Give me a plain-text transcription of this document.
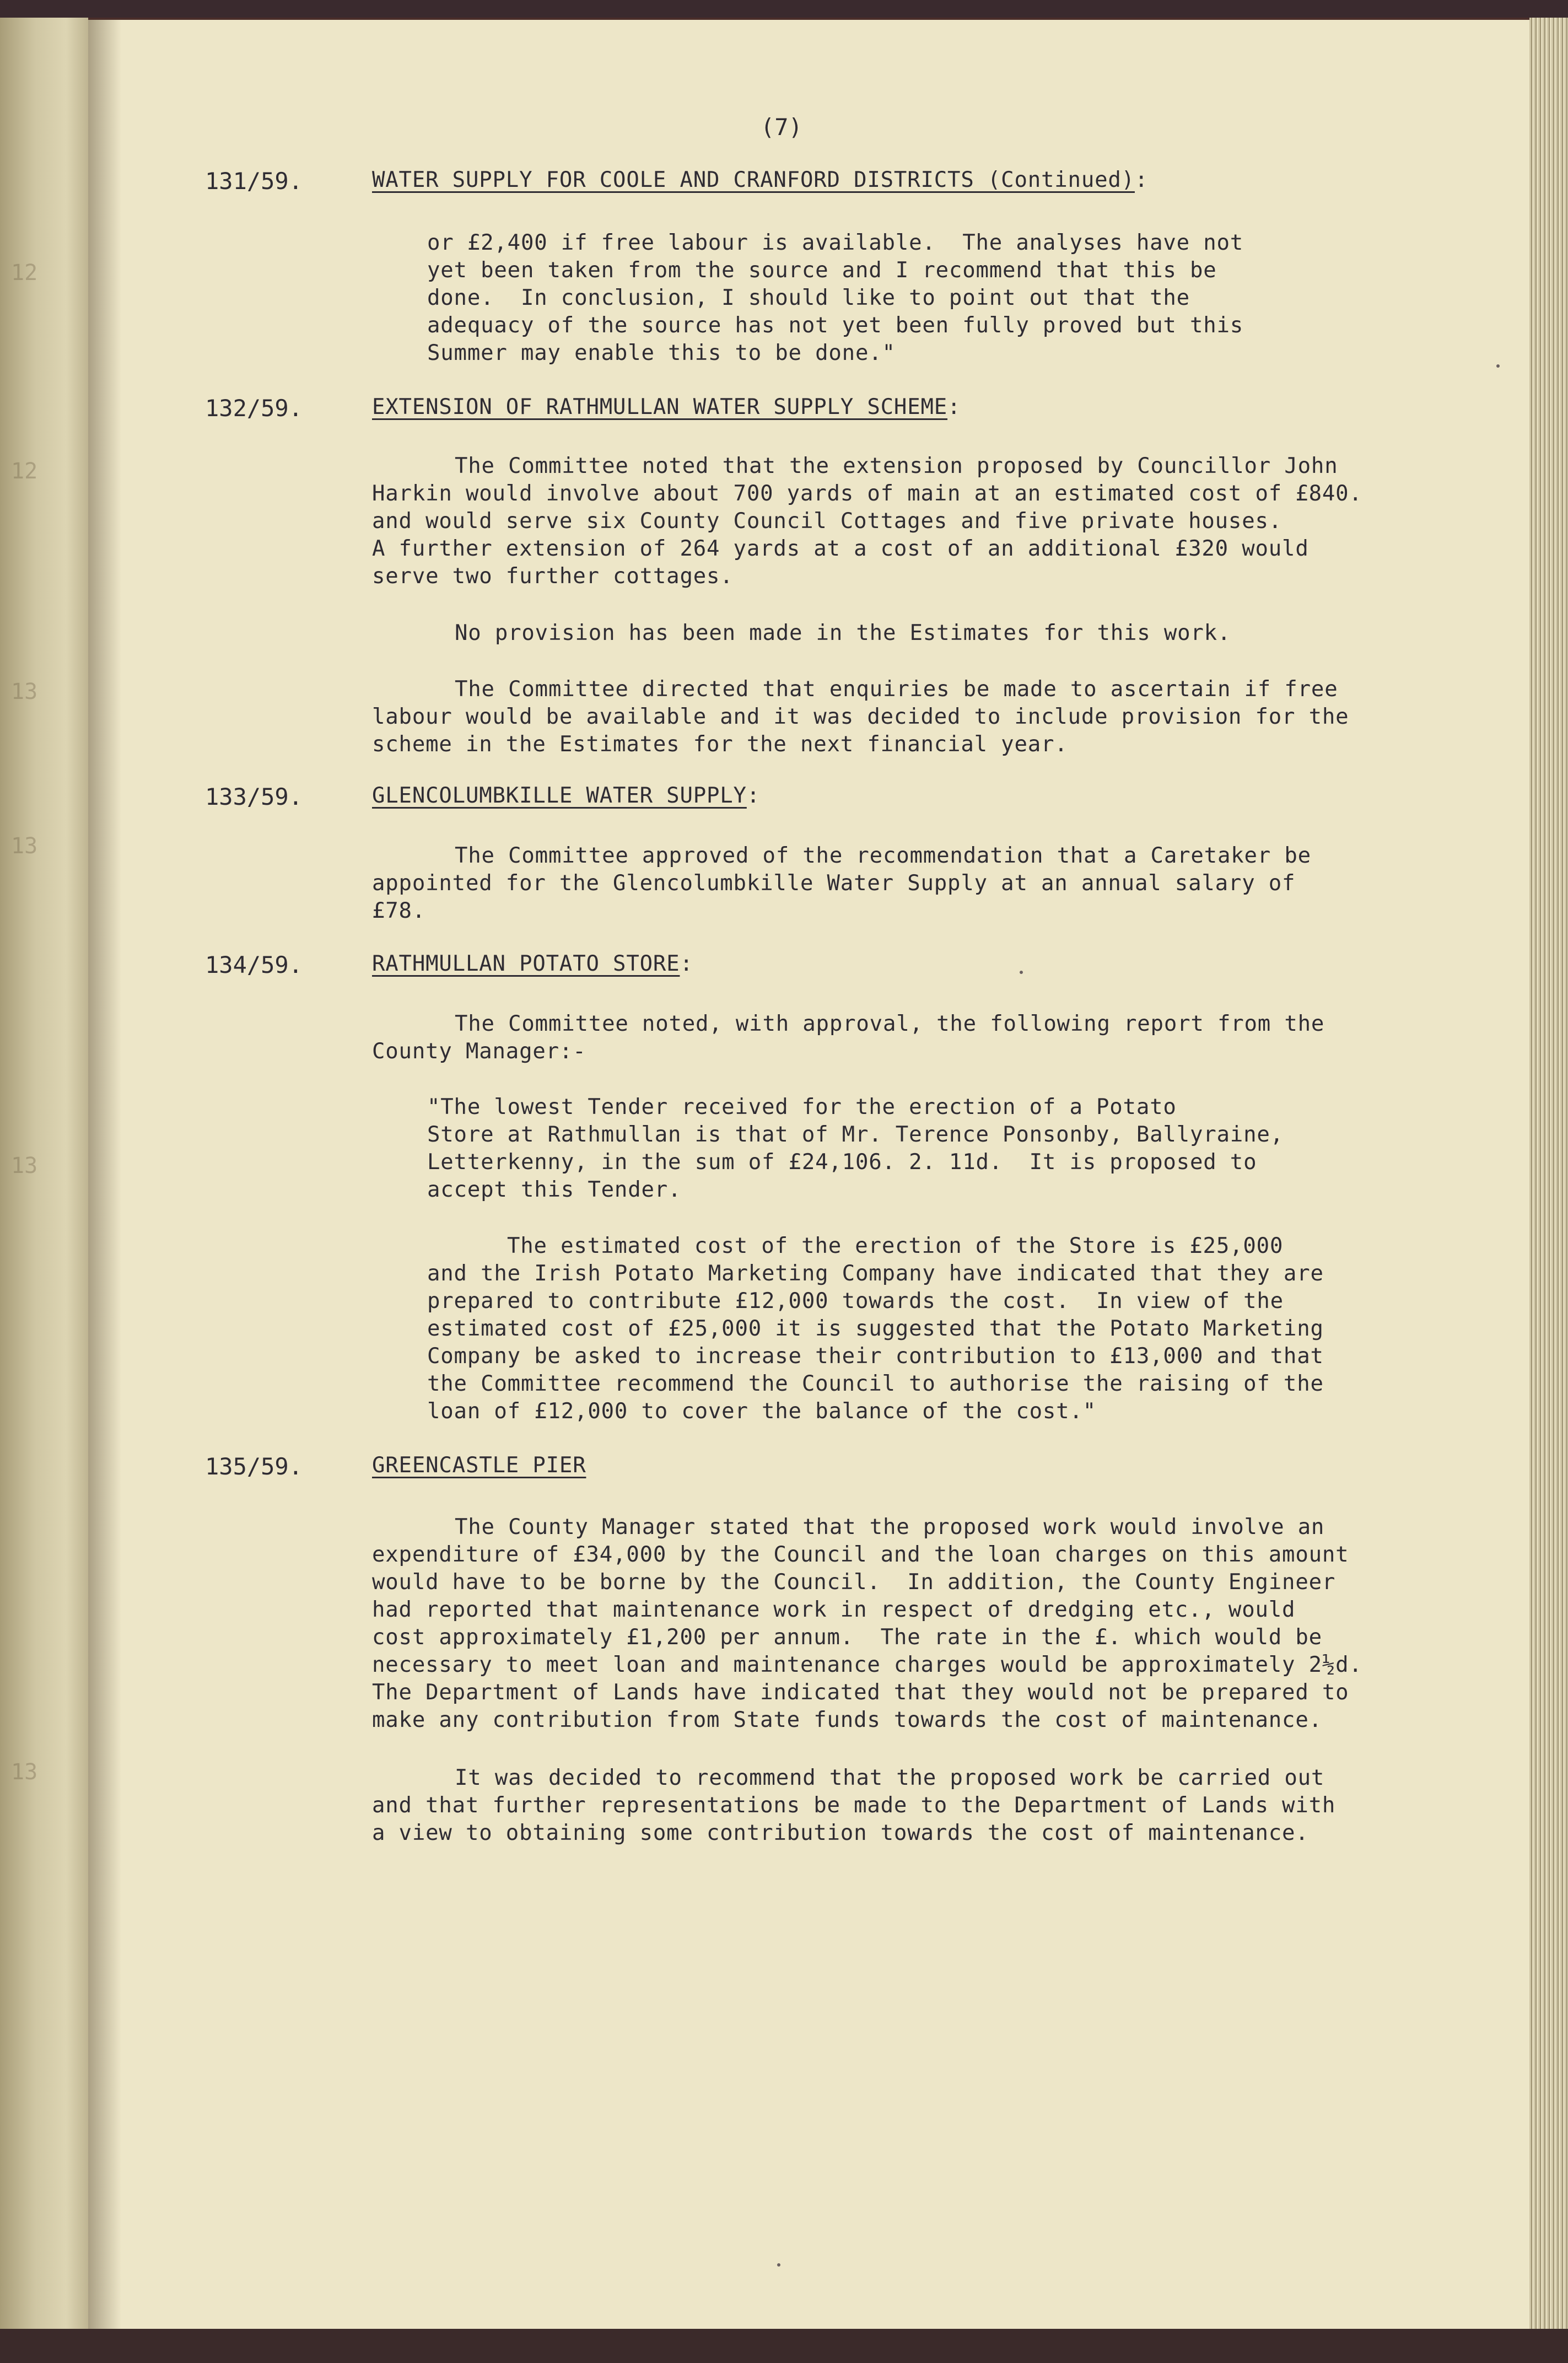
12
12
13
13
13
13
(7)
131/59.	WATER SUPPLY FOR COOLE AND CRANFORD DISTRICTS (Continued):
or £2,400 if free labour is available.  The analyses have not
yet been taken from the source and I recommend that this be
done.  In conclusion, I should like to point out that the
adequacy of the source has not yet been fully proved but this
Summer may enable this to be done."
132/59.	EXTENSION OF RATHMULLAN WATER SUPPLY SCHEME:
The Committee noted that the extension proposed by Councillor John
Harkin would involve about 700 yards of main at an estimated cost of £840.
and would serve six County Council Cottages and five private houses.
A further extension of 264 yards at a cost of an additional £320 would
serve two further cottages.
No provision has been made in the Estimates for this work.
The Committee directed that enquiries be made to ascertain if free
labour would be available and it was decided to include provision for the
scheme in the Estimates for the next financial year.
133/59.	GLENCOLUMBKILLE WATER SUPPLY:
The Committee approved of the recommendation that a Caretaker be
appointed for the Glencolumbkille Water Supply at an annual salary of
£78.
134/59.	RATHMULLAN POTATO STORE:
The Committee noted, with approval, the following report from the
County Manager:-
"The lowest Tender received for the erection of a Potato
Store at Rathmullan is that of Mr. Terence Ponsonby, Ballyraine,
Letterkenny, in the sum of £24,106. 2. 11d.  It is proposed to
accept this Tender.
The estimated cost of the erection of the Store is £25,000
and the Irish Potato Marketing Company have indicated that they are
prepared to contribute £12,000 towards the cost.  In view of the
estimated cost of £25,000 it is suggested that the Potato Marketing
Company be asked to increase their contribution to £13,000 and that
the Committee recommend the Council to authorise the raising of the
loan of £12,000 to cover the balance of the cost."
135/59.	GREENCASTLE PIER
The County Manager stated that the proposed work would involve an
expenditure of £34,000 by the Council and the loan charges on this amount
would have to be borne by the Council.  In addition, the County Engineer
had reported that maintenance work in respect of dredging etc., would
cost approximately £1,200 per annum.  The rate in the £. which would be
necessary to meet loan and maintenance charges would be approximately 2½d.
The Department of Lands have indicated that they would not be prepared to
make any contribution from State funds towards the cost of maintenance.
It was decided to recommend that the proposed work be carried out
and that further representations be made to the Department of Lands with
a view to obtaining some contribution towards the cost of maintenance.
